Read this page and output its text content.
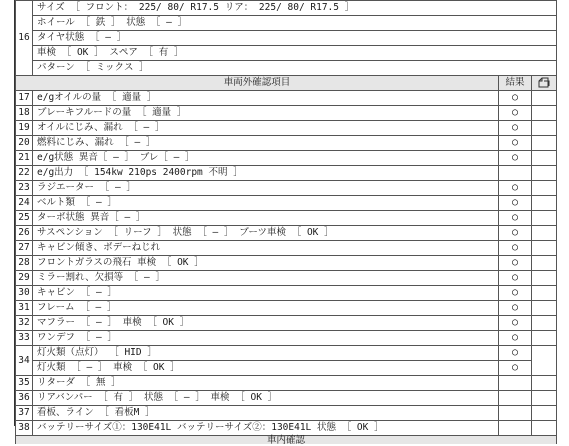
16	サイズ ［ フロント： 225/ 80/ R17.5 リア： 225/ 80/ R17.5 ］		
	ホイール ［ 鉄 ］ 状態 ［ — ］		
	タイヤ状態 ［ — ］		
	車検 ［ OK ］ スペア ［ 有 ］		
	パターン ［ ミックス ］		
車両外確認項目		結果	
17	e/gオイルの量 ［ 適量 ］	○	
18	ブレーキフルードの量 ［ 適量 ］	○	
19	オイルにじみ、漏れ ［ — ］	○	
20	燃料にじみ、漏れ ［ — ］	○	
21	e/g状態 異音［ — ］ ブレ［ — ］	○	
22	e/g出力 ［ 154kw 210ps 2400rpm 不明 ］		
23	ラジエーター ［ — ］	○	
24	ベルト類 ［ — ］	○	
25	ターボ状態 異音［ — ］	○	
26	サスペンション ［ リーフ ］ 状態 ［ — ］ ブーツ車検 ［ OK ］	○	
27	キャビン傾き、ボデーねじれ	○	
28	フロントガラスの飛石 車検 ［ OK ］	○	
29	ミラー割れ、欠損等 ［ — ］	○	
30	キャビン ［ — ］	○	
31	フレーム ［ — ］	○	
32	マフラー ［ — ］ 車検 ［ OK ］	○	
33	ワンデフ ［ — ］	○	
34	灯火類（点灯） ［ HID ］	○	
	灯火類 ［ — ］ 車検 ［ OK ］	○	
35	リターダ ［ 無 ］		
36	リアバンパー ［ 有 ］ 状態 ［ — ］ 車検 ［ OK ］		
37	看板、ライン ［ 看板M ］		
38	バッテリーサイズ①：130E41L バッテリーサイズ②：130E41L 状態 ［ OK ］		
車内確認			
